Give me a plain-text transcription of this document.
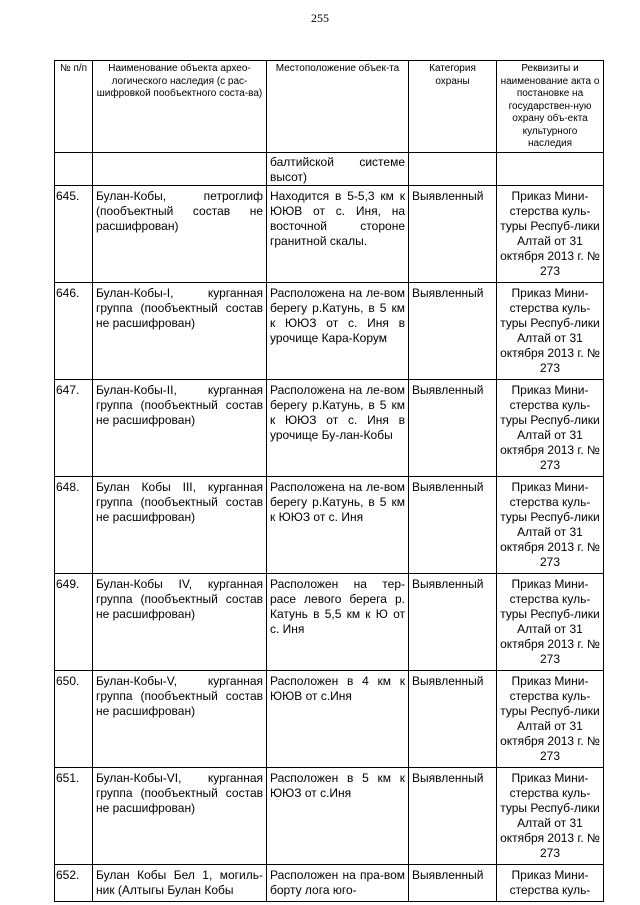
255
№ п/п	Наименование объекта архео-логического наследия (с рас-шифровкой пообъектного соста-ва)	Местоположение объек-та	Категория охраны	Реквизиты и наименование акта о постановке на государствен-ную охрану объ-екта культурного наследия
		балтийской системе высот)		
645.	Булан-Кобы, петроглиф (пообъектный состав не расшифрован)	Находится в 5-5,3 км к ЮЮВ от с. Иня, на восточной стороне гранитной скалы.	Выявленный	Приказ Мини-стерства куль-туры Респуб-лики Алтай от 31 октября 2013 г. № 273
646.	Булан-Кобы-I, курганная группа (пообъектный состав не расшифрован)	Расположена на ле-вом берегу р.Катунь, в 5 км к ЮЮЗ от с. Иня в урочище Кара-Корум	Выявленный	Приказ Мини-стерства куль-туры Респуб-лики Алтай от 31 октября 2013 г. № 273
647.	Булан-Кобы-II, курганная группа (пообъектный состав не расшифрован)	Расположена на ле-вом берегу р.Катунь, в 5 км к ЮЮЗ от с. Иня в урочище Бу-лан-Кобы	Выявленный	Приказ Мини-стерства куль-туры Респуб-лики Алтай от 31 октября 2013 г. № 273
648.	Булан Кобы III, курганная группа (пообъектный состав не расшифрован)	Расположена на ле-вом берегу р.Катунь, в 5 км к ЮЮЗ от с. Иня	Выявленный	Приказ Мини-стерства куль-туры Респуб-лики Алтай от 31 октября 2013 г. № 273
649.	Булан-Кобы IV, курганная группа (пообъектный состав не расшифрован)	Расположен на тер-расе левого берега р. Катунь в 5,5 км к Ю от с. Иня	Выявленный	Приказ Мини-стерства куль-туры Респуб-лики Алтай от 31 октября 2013 г. № 273
650.	Булан-Кобы-V, курганная группа (пообъектный состав не расшифрован)	Расположен в 4 км к ЮЮВ от с.Иня	Выявленный	Приказ Мини-стерства куль-туры Респуб-лики Алтай от 31 октября 2013 г. № 273
651.	Булан-Кобы-VI, курганная группа (пообъектный состав не расшифрован)	Расположен в 5 км к ЮЮЗ от с.Иня	Выявленный	Приказ Мини-стерства куль-туры Респуб-лики Алтай от 31 октября 2013 г. № 273
652.	Булан Кобы Бел 1, могиль-ник (Алтыгы Булан Кобы	Расположен на пра-вом борту лога юго-	Выявленный	Приказ Мини-стерства куль-
